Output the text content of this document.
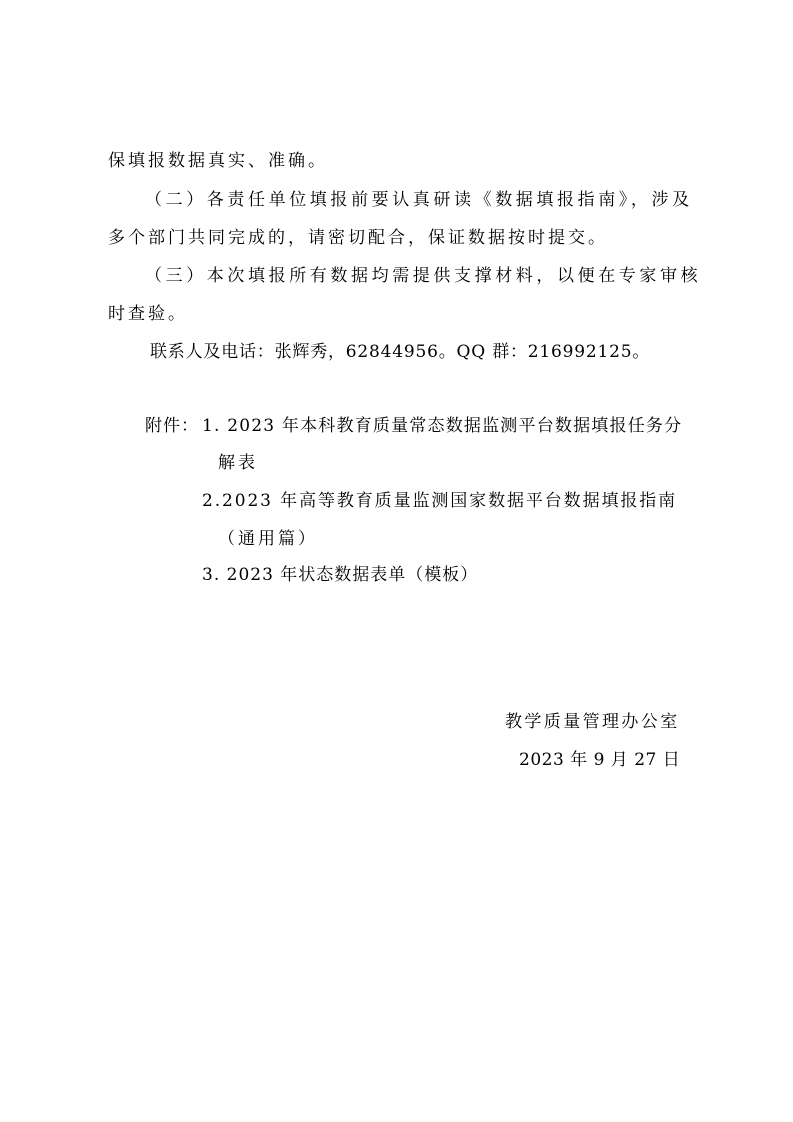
保填报数据真实、准确。
（二）各责任单位填报前要认真研读《数据填报指南》，涉及
多个部门共同完成的，请密切配合，保证数据按时提交。
（三）本次填报所有数据均需提供支撑材料，以便在专家审核
时查验。
联系人及电话：张辉秀，62844956。QQ 群：216992125。
附件： 1. 2023 年本科教育质量常态数据监测平台数据填报任务分
解表
2.2023 年高等教育质量监测国家数据平台数据填报指南
（通用篇）
3. 2023 年状态数据表单（模板）
教学质量管理办公室
2023 年 9 月 27 日
